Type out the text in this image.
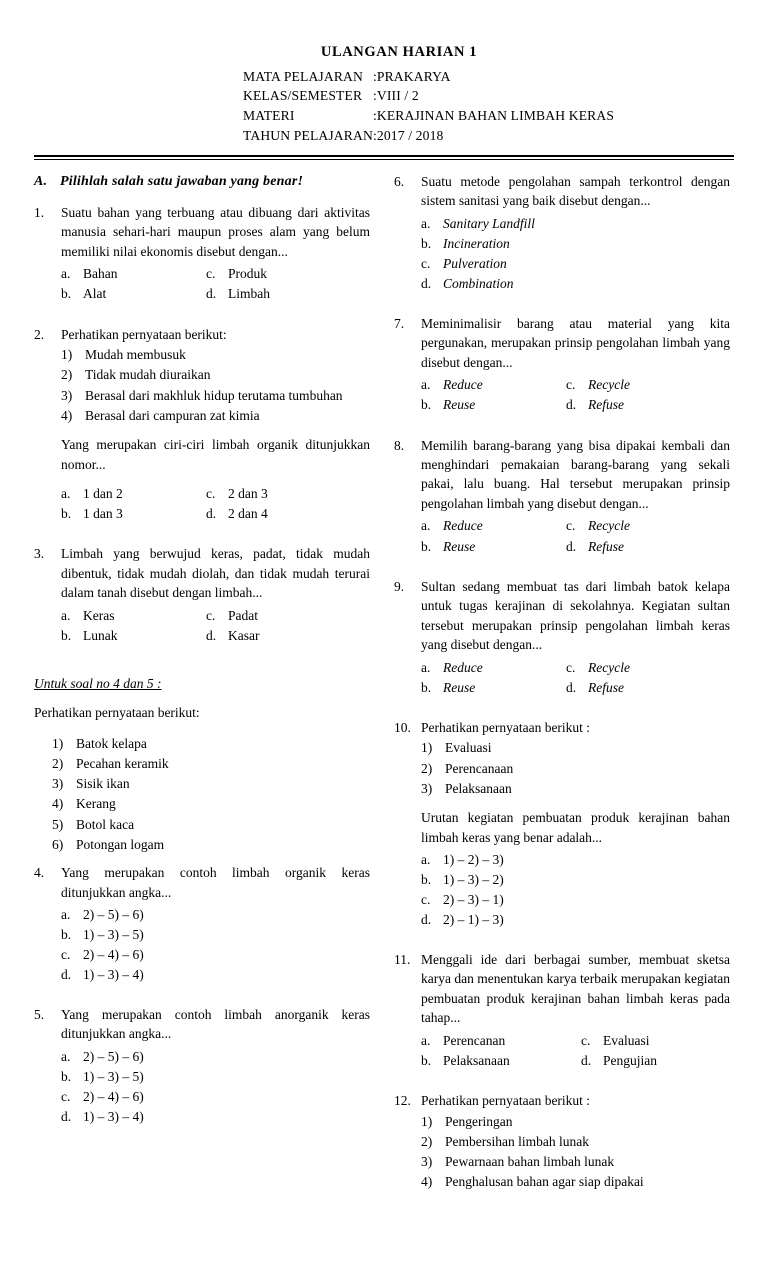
ULANGAN HARIAN 1
MATA PELAJARAN	:	PRAKARYA
KELAS/SEMESTER	:	VIII / 2
MATERI	:	KERAJINAN BAHAN LIMBAH KERAS
TAHUN PELAJARAN	:	2017 / 2018
A. Pilihlah salah satu jawaban yang benar!
1.	Suatu bahan yang terbuang atau dibuang dari aktivitas manusia sehari-hari maupun proses alam yang belum memiliki nilai ekonomis disebut dengan...
a. Bahan	c. Produk
b. Alat	d. Limbah
2.	Perhatikan pernyataan berikut:
1) Mudah membusuk
2) Tidak mudah diuraikan
3) Berasal dari makhluk hidup terutama tumbuhan
4) Berasal dari campuran zat kimia
Yang merupakan ciri-ciri limbah organik ditunjukkan nomor...
a. 1 dan 2	c. 2 dan 3
b. 1 dan 3	d. 2 dan 4
3.	Limbah yang berwujud keras, padat, tidak mudah dibentuk, tidak mudah diolah, dan tidak mudah terurai dalam tanah disebut dengan limbah...
a. Keras	c. Padat
b. Lunak	d. Kasar
Untuk soal no 4 dan 5 :
Perhatikan pernyataan berikut:
1) Batok kelapa
2) Pecahan keramik
3) Sisik ikan
4) Kerang
5) Botol kaca
6) Potongan logam
4.	Yang merupakan contoh limbah organik keras ditunjukkan angka...
a. 2) – 5) – 6)
b. 1) – 3) – 5)
c. 2) – 4) – 6)
d. 1) – 3) – 4)
5.	Yang merupakan contoh limbah anorganik keras ditunjukkan angka...
a. 2) – 5) – 6)
b. 1) – 3) – 5)
c. 2) – 4) – 6)
d. 1) – 3) – 4)
6.	Suatu metode pengolahan sampah terkontrol dengan sistem sanitasi yang baik disebut dengan...
a. Sanitary Landfill
b. Incineration
c. Pulveration
d. Combination
7.	Meminimalisir barang atau material yang kita pergunakan, merupakan prinsip pengolahan limbah yang disebut dengan...
a. Reduce	c. Recycle
b. Reuse	d. Refuse
8.	Memilih barang-barang yang bisa dipakai kembali dan menghindari pemakaian barang-barang yang sekali pakai, lalu buang. Hal tersebut merupakan prinsip pengolahan limbah yang disebut dengan...
a. Reduce	c. Recycle
b. Reuse	d. Refuse
9.	Sultan sedang membuat tas dari limbah batok kelapa untuk tugas kerajinan di sekolahnya. Kegiatan sultan tersebut merupakan prinsip pengolahan limbah keras yang disebut dengan...
a. Reduce	c. Recycle
b. Reuse	d. Refuse
10. Perhatikan pernyataan berikut :
1) Evaluasi
2) Perencanaan
3) Pelaksanaan
Urutan kegiatan pembuatan produk kerajinan bahan limbah keras yang benar adalah...
a. 1) – 2) – 3)
b. 1) – 3) – 2)
c. 2) – 3) – 1)
d. 2) – 1) – 3)
11. Menggali ide dari berbagai sumber, membuat sketsa karya dan menentukan karya terbaik merupakan kegiatan pembuatan produk kerajinan bahan limbah keras pada tahap...
a. Perencanan	c. Evaluasi
b. Pelaksanaan	d. Pengujian
12. Perhatikan pernyataan berikut :
1) Pengeringan
2) Pembersihan limbah lunak
3) Pewarnaan bahan limbah lunak
4) Penghalusan bahan agar siap dipakai
